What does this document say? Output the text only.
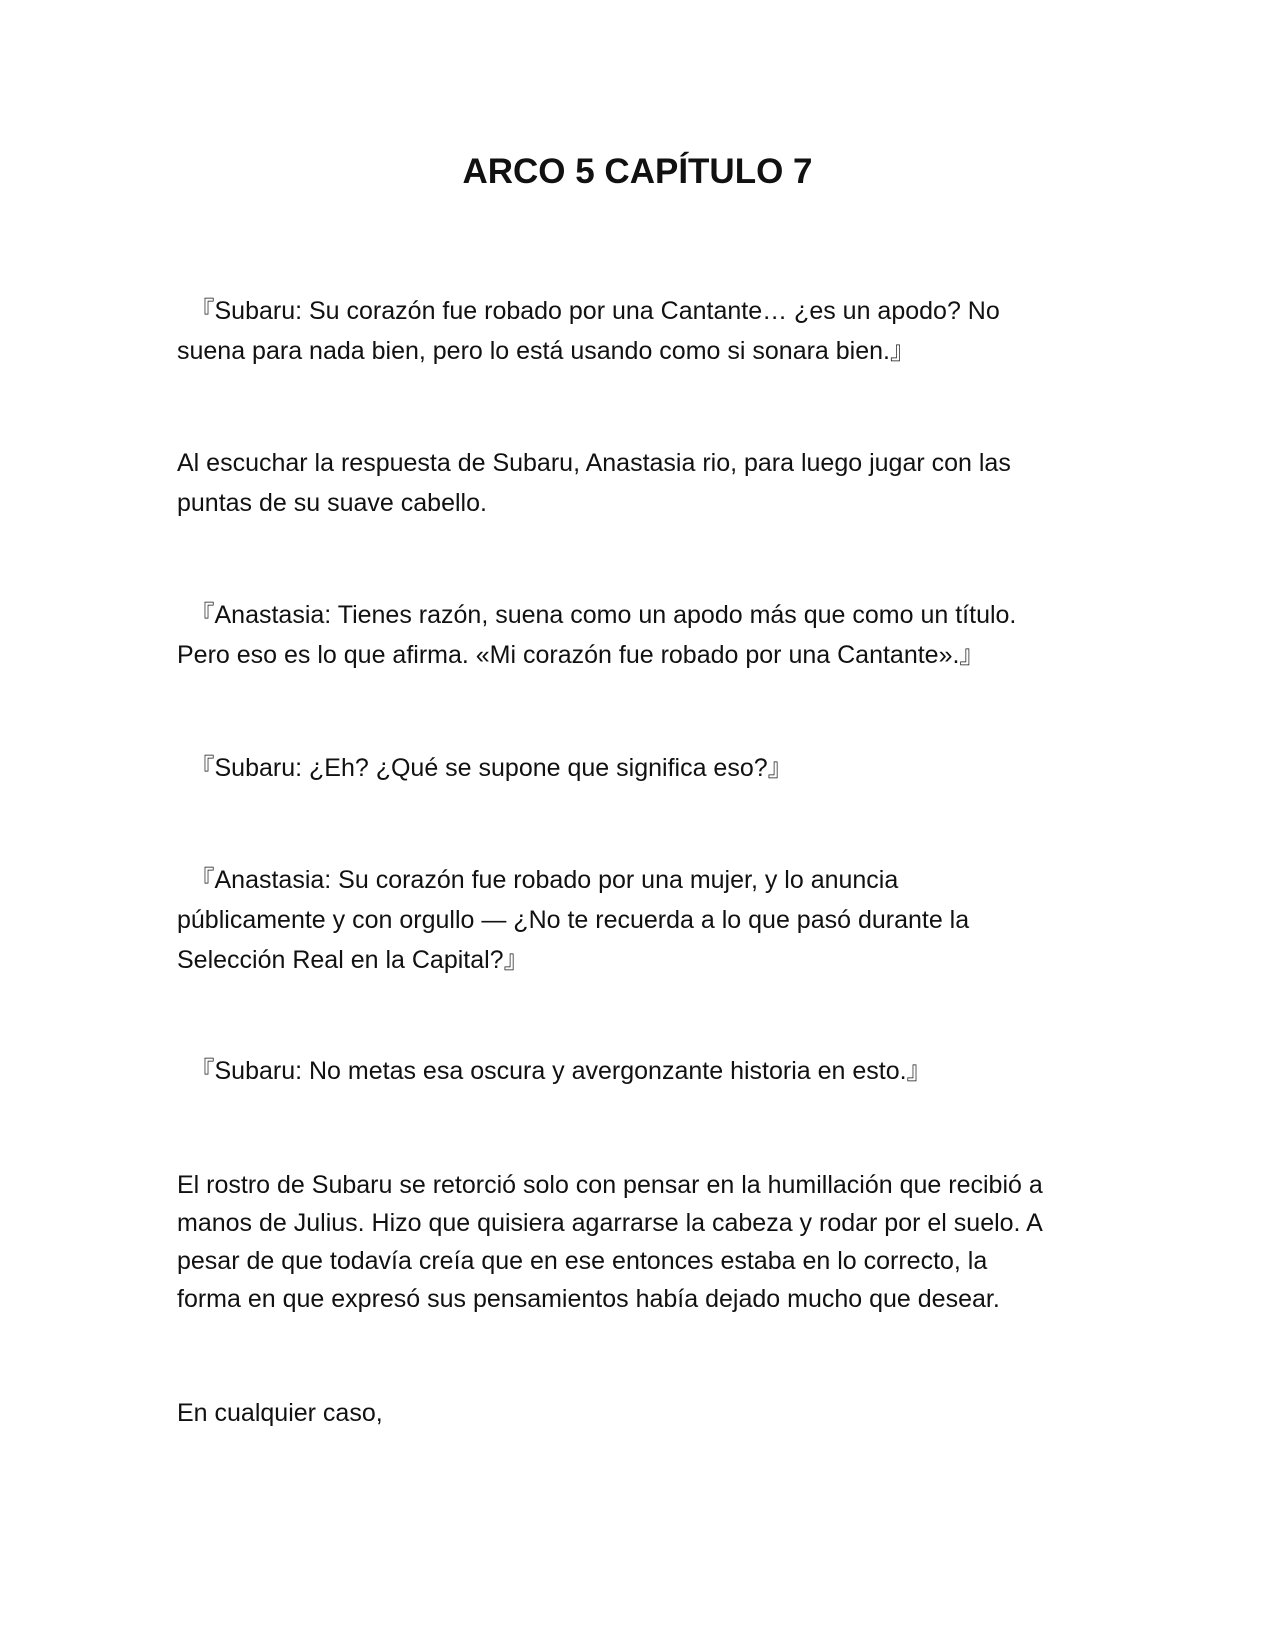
ARCO 5 CAPÍTULO 7

　『Subaru: Su corazón fue robado por una Cantante… ¿es un apodo? No
suena para nada bien, pero lo está usando como si sonara bien.』

Al escuchar la respuesta de Subaru, Anastasia rio, para luego jugar con las
puntas de su suave cabello.

　『Anastasia: Tienes razón, suena como un apodo más que como un título.
Pero eso es lo que afirma. «Mi corazón fue robado por una Cantante».』

　『Subaru: ¿Eh? ¿Qué se supone que significa eso?』

　『Anastasia: Su corazón fue robado por una mujer, y lo anuncia
públicamente y con orgullo — ¿No te recuerda a lo que pasó durante la
Selección Real en la Capital?』

　『Subaru: No metas esa oscura y avergonzante historia en esto.』

El rostro de Subaru se retorció solo con pensar en la humillación que recibió a
manos de Julius. Hizo que quisiera agarrarse la cabeza y rodar por el suelo. A
pesar de que todavía creía que en ese entonces estaba en lo correcto, la
forma en que expresó sus pensamientos había dejado mucho que desear.

En cualquier caso,
